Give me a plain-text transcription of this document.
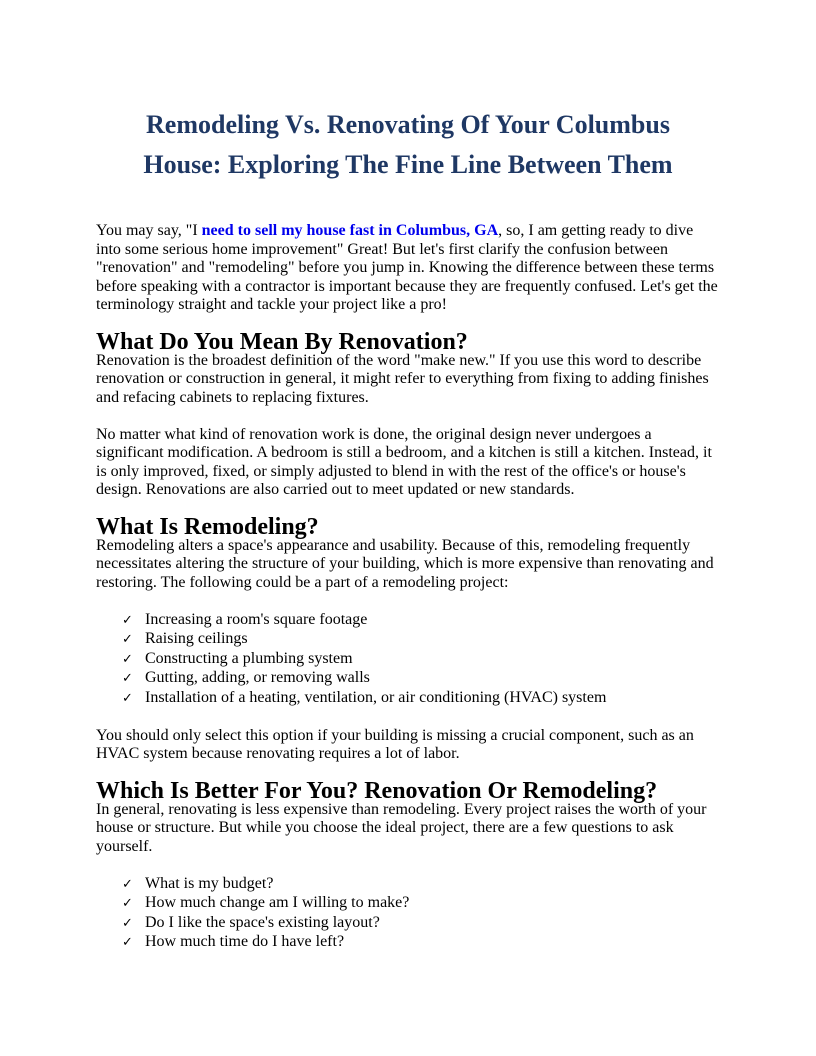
Remodeling Vs. Renovating Of Your Columbus
House: Exploring The Fine Line Between Them

You may say, "I need to sell my house fast in Columbus, GA, so, I am getting ready to dive into some serious home improvement" Great! But let's first clarify the confusion between "renovation" and "remodeling" before you jump in. Knowing the difference between these terms before speaking with a contractor is important because they are frequently confused. Let's get the terminology straight and tackle your project like a pro!

What Do You Mean By Renovation?

Renovation is the broadest definition of the word "make new." If you use this word to describe renovation or construction in general, it might refer to everything from fixing to adding finishes and refacing cabinets to replacing fixtures.

No matter what kind of renovation work is done, the original design never undergoes a significant modification. A bedroom is still a bedroom, and a kitchen is still a kitchen. Instead, it is only improved, fixed, or simply adjusted to blend in with the rest of the office's or house's design. Renovations are also carried out to meet updated or new standards.

What Is Remodeling?

Remodeling alters a space's appearance and usability. Because of this, remodeling frequently necessitates altering the structure of your building, which is more expensive than renovating and restoring. The following could be a part of a remodeling project:

✓ Increasing a room's square footage
✓ Raising ceilings
✓ Constructing a plumbing system
✓ Gutting, adding, or removing walls
✓ Installation of a heating, ventilation, or air conditioning (HVAC) system

You should only select this option if your building is missing a crucial component, such as an HVAC system because renovating requires a lot of labor.

Which Is Better For You? Renovation Or Remodeling?

In general, renovating is less expensive than remodeling. Every project raises the worth of your house or structure. But while you choose the ideal project, there are a few questions to ask yourself.

✓ What is my budget?
✓ How much change am I willing to make?
✓ Do I like the space's existing layout?
✓ How much time do I have left?
